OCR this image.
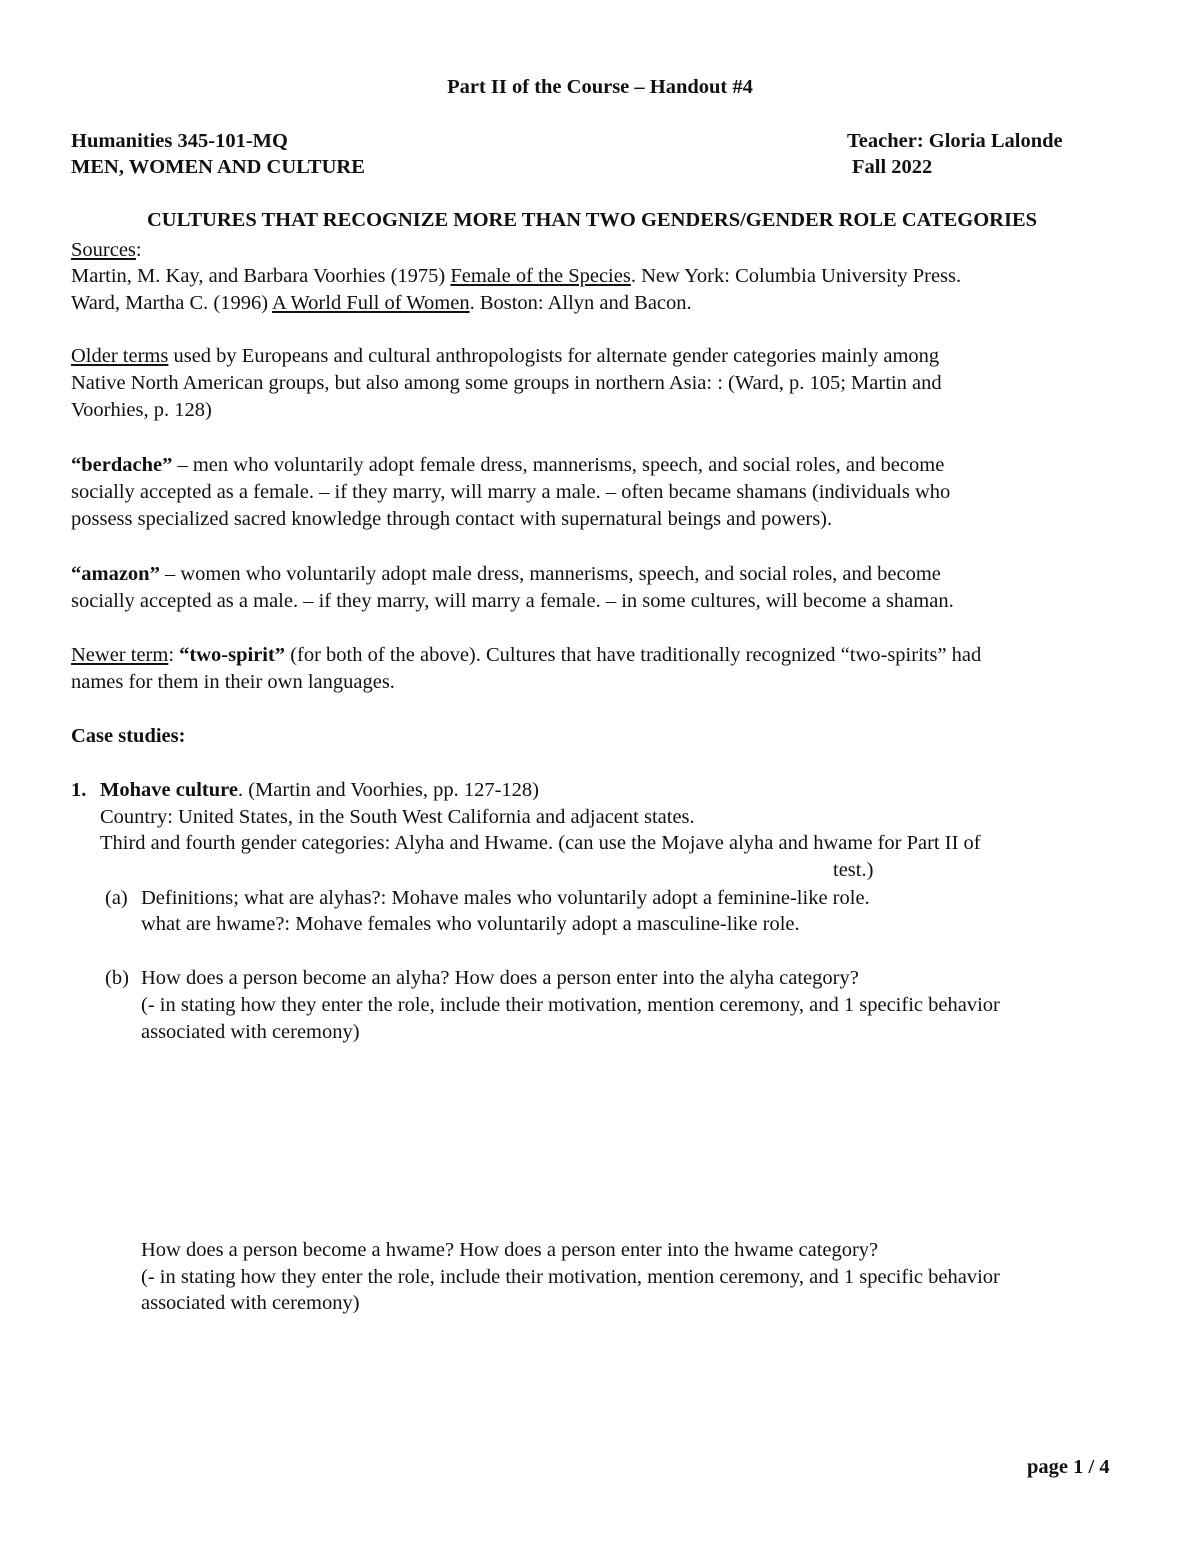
Part II of the Course – Handout #4
Humanities 345-101-MQ
MEN, WOMEN AND CULTURE
Teacher: Gloria Lalonde
Fall 2022
CULTURES THAT RECOGNIZE MORE THAN TWO GENDERS/GENDER ROLE CATEGORIES
Sources:
Martin, M. Kay, and Barbara Voorhies (1975) Female of the Species. New York: Columbia University Press.
Ward, Martha C. (1996) A World Full of Women. Boston: Allyn and Bacon.
Older terms used by Europeans and cultural anthropologists for alternate gender categories mainly among
Native North American groups, but also among some groups in northern Asia: : (Ward, p. 105; Martin and
Voorhies, p. 128)
“berdache” – men who voluntarily adopt female dress, mannerisms, speech, and social roles, and become
socially accepted as a female. – if they marry, will marry a male. – often became shamans (individuals who
possess specialized sacred knowledge through contact with supernatural beings and powers).
“amazon” – women who voluntarily adopt male dress, mannerisms, speech, and social roles, and become
socially accepted as a male. – if they marry, will marry a female. – in some cultures, will become a shaman.
Newer term: “two-spirit” (for both of the above). Cultures that have traditionally recognized “two-spirits” had
names for them in their own languages.
Case studies:
1. Mohave culture. (Martin and Voorhies, pp. 127-128)
Country: United States, in the South West California and adjacent states.
Third and fourth gender categories: Alyha and Hwame. (can use the Mojave alyha and hwame for Part II of
test.)
(a) Definitions; what are alyhas?: Mohave males who voluntarily adopt a feminine-like role.
what are hwame?: Mohave females who voluntarily adopt a masculine-like role.
(b) How does a person become an alyha? How does a person enter into the alyha category?
(- in stating how they enter the role, include their motivation, mention ceremony, and 1 specific behavior
associated with ceremony)
How does a person become a hwame? How does a person enter into the hwame category?
(- in stating how they enter the role, include their motivation, mention ceremony, and 1 specific behavior
associated with ceremony)
page 1 / 4
